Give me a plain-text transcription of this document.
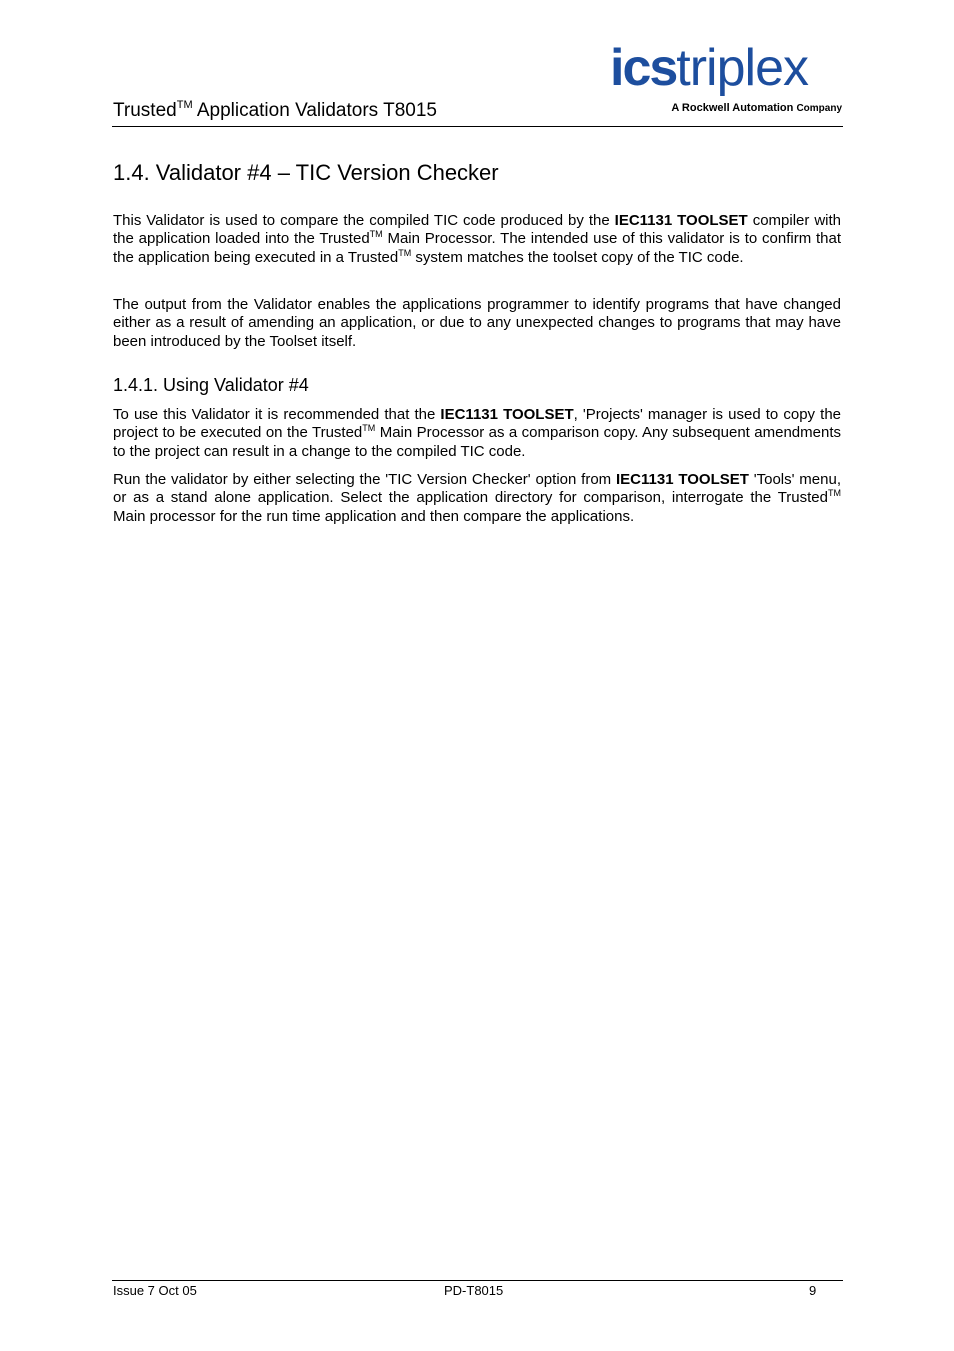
Trusted™ Application Validators T8015
icstriplex
A Rockwell Automation Company
1.4. Validator #4 – TIC Version Checker

This Validator is used to compare the compiled TIC code produced by the IEC1131 TOOLSET compiler with the application loaded into the Trusted™ Main Processor. The intended use of this validator is to confirm that the application being executed in a Trusted™ system matches the toolset copy of the TIC code.

The output from the Validator enables the applications programmer to identify programs that have changed either as a result of amending an application, or due to any unexpected changes to programs that may have been introduced by the Toolset itself.

1.4.1. Using Validator #4

To use this Validator it is recommended that the IEC1131 TOOLSET, 'Projects' manager is used to copy the project to be executed on the Trusted™ Main Processor as a comparison copy. Any subsequent amendments to the project can result in a change to the compiled TIC code.

Run the validator by either selecting the 'TIC Version Checker' option from IEC1131 TOOLSET 'Tools' menu, or as a stand alone application. Select the application directory for comparison, interrogate the Trusted™ Main processor for the run time application and then compare the applications.

Issue 7 Oct 05	PD-T8015	9
